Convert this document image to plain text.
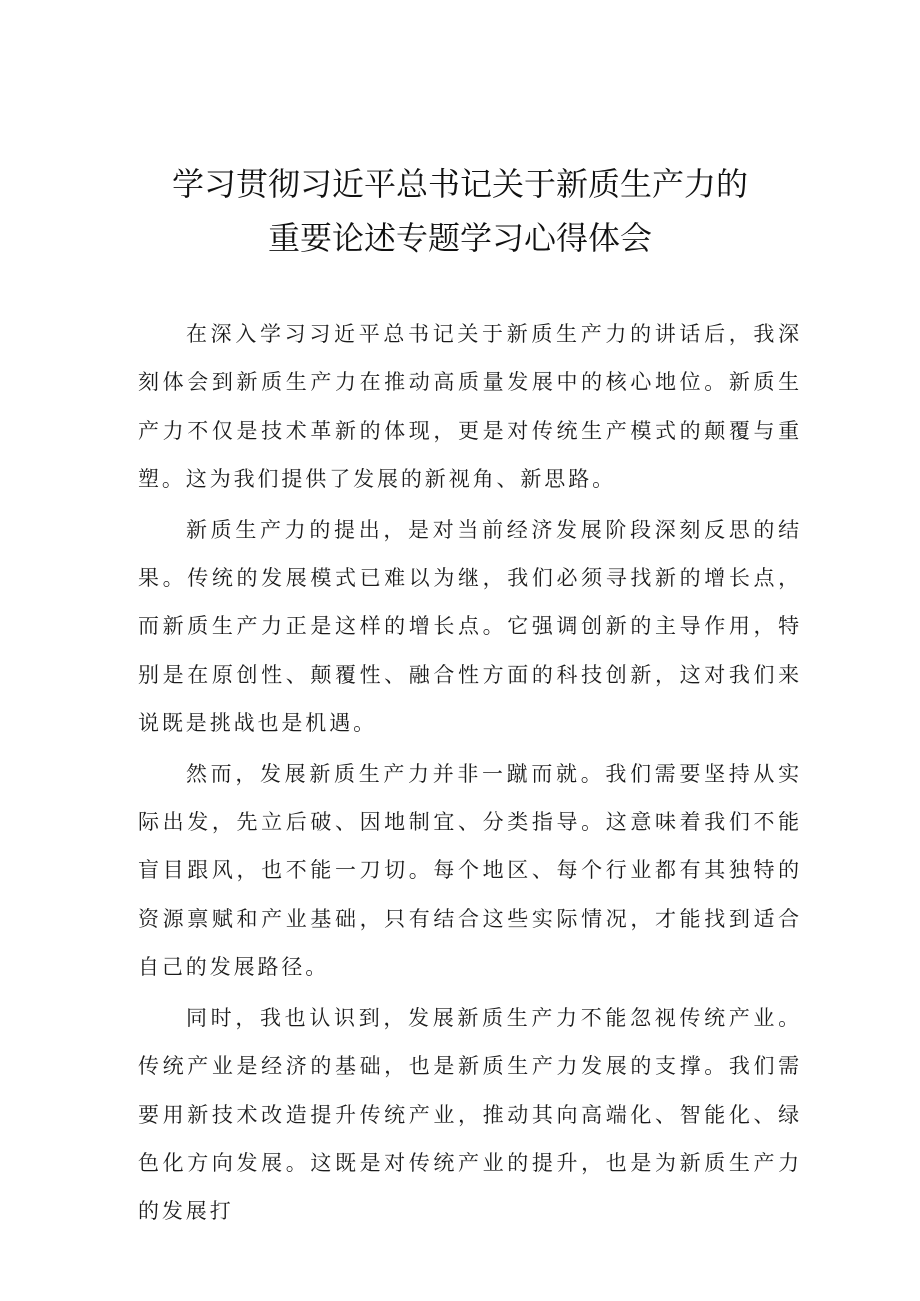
学习贯彻习近平总书记关于新质生产力的
重要论述专题学习心得体会

在深入学习习近平总书记关于新质生产力的讲话后，我深刻体会到新质生产力在推动高质量发展中的核心地位。新质生产力不仅是技术革新的体现，更是对传统生产模式的颠覆与重塑。这为我们提供了发展的新视角、新思路。

新质生产力的提出，是对当前经济发展阶段深刻反思的结果。传统的发展模式已难以为继，我们必须寻找新的增长点，而新质生产力正是这样的增长点。它强调创新的主导作用，特别是在原创性、颠覆性、融合性方面的科技创新，这对我们来说既是挑战也是机遇。

然而，发展新质生产力并非一蹴而就。我们需要坚持从实际出发，先立后破、因地制宜、分类指导。这意味着我们不能盲目跟风，也不能一刀切。每个地区、每个行业都有其独特的资源禀赋和产业基础，只有结合这些实际情况，才能找到适合自己的发展路径。

同时，我也认识到，发展新质生产力不能忽视传统产业。传统产业是经济的基础，也是新质生产力发展的支撑。我们需要用新技术改造提升传统产业，推动其向高端化、智能化、绿色化方向发展。这既是对传统产业的提升，也是为新质生产力的发展打
